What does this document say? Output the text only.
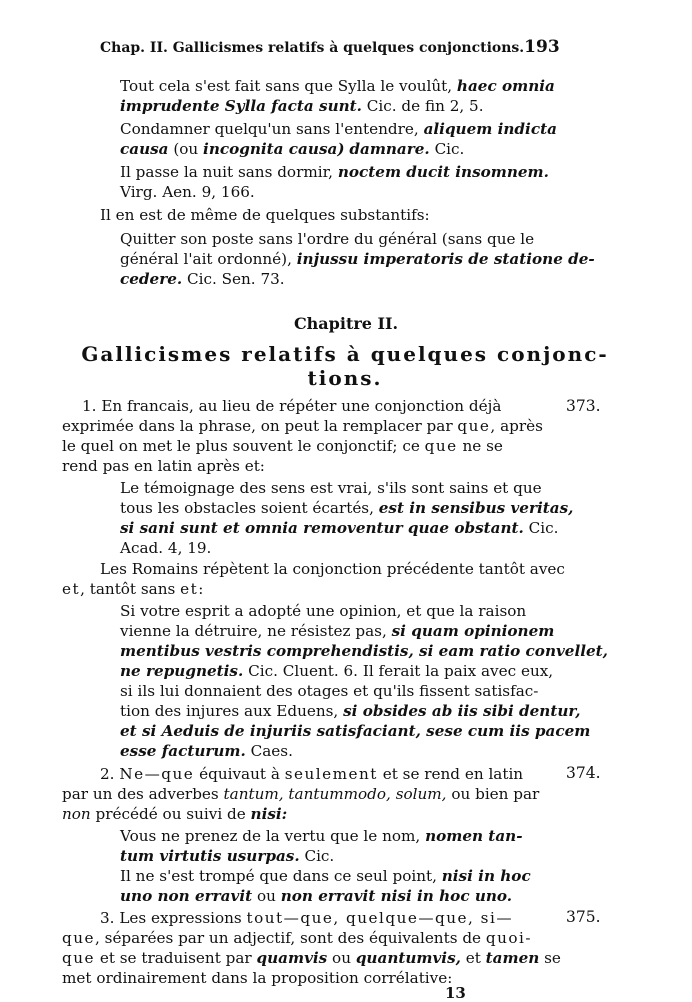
Chap. II. Gallicismes relatifs à quelques conjonctions. 193
Tout cela s'est fait sans que Sylla le voulût, haec omnia
imprudente Sylla facta sunt. Cic. de fin 2, 5.
Condamner quelqu'un sans l'entendre, aliquem indicta
causa (ou incognita causa) damnare. Cic.
Il passe la nuit sans dormir, noctem ducit insomnem.
Virg. Aen. 9, 166.
Il en est de même de quelques substantifs:
Quitter son poste sans l'ordre du général (sans que le
général l'ait ordonné), injussu imperatoris de statione de-
cedere. Cic. Sen. 73.
Chapitre II.
Gallicismes relatifs à quelques conjonc-
tions.
373.
1. En francais, au lieu de répéter une conjonction déjà
exprimée dans la phrase, on peut la remplacer par que, après
le quel on met le plus souvent le conjonctif; ce que ne se
rend pas en latin après et:
Le témoignage des sens est vrai, s'ils sont sains et que
tous les obstacles soient écartés, est in sensibus veritas,
si sani sunt et omnia removentur quae obstant. Cic.
Acad. 4, 19.
Les Romains répètent la conjonction précédente tantôt avec
et, tantôt sans et:
Si votre esprit a adopté une opinion, et que la raison
vienne la détruire, ne résistez pas, si quam opinionem
mentibus vestris comprehendistis, si eam ratio convellet,
ne repugnetis. Cic. Cluent. 6. Il ferait la paix avec eux,
si ils lui donnaient des otages et qu'ils fissent satisfac-
tion des injures aux Eduens, si obsides ab iis sibi dentur,
et si Aeduis de injuriis satisfaciant, sese cum iis pacem
esse facturum. Caes.
374.
2. Ne—que équivaut à seulement et se rend en latin
par un des adverbes tantum, tantummodo, solum, ou bien par
non précédé ou suivi de nisi:
Vous ne prenez de la vertu que le nom, nomen tan-
tum virtutis usurpas. Cic.
Il ne s'est trompé que dans ce seul point, nisi in hoc
uno non erravit ou non erravit nisi in hoc uno.
375.
3. Les expressions tout—que, quelque—que, si—
que, séparées par un adjectif, sont des équivalents de quoi-
que et se traduisent par quamvis ou quantumvis, et tamen se
met ordinairement dans la proposition corrélative:
13
